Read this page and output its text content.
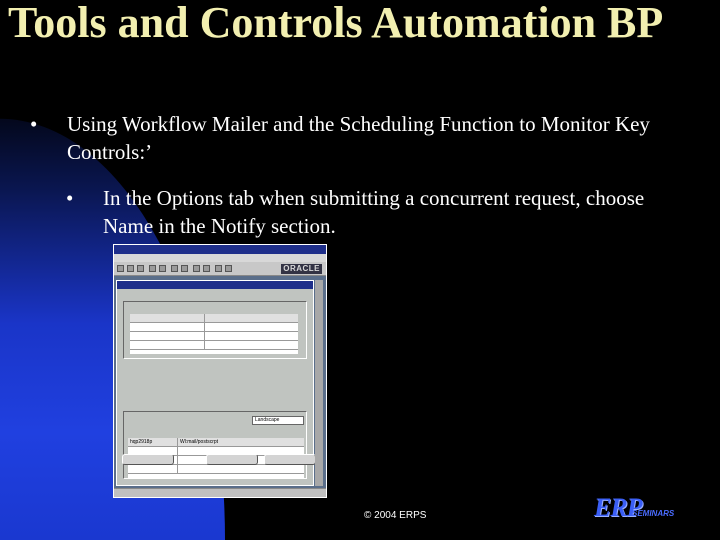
Tools and Controls Automation BP
• Using Workflow Mailer and the Scheduling Function to Monitor Key Controls:’
• In the Options tab when submitting a concurrent request, choose Name in the Notify section.
ORACLE
Landscape
hqp2918p	Wl:mail/postscrpt
© 2004 ERPS	ERP
SEMINARS
